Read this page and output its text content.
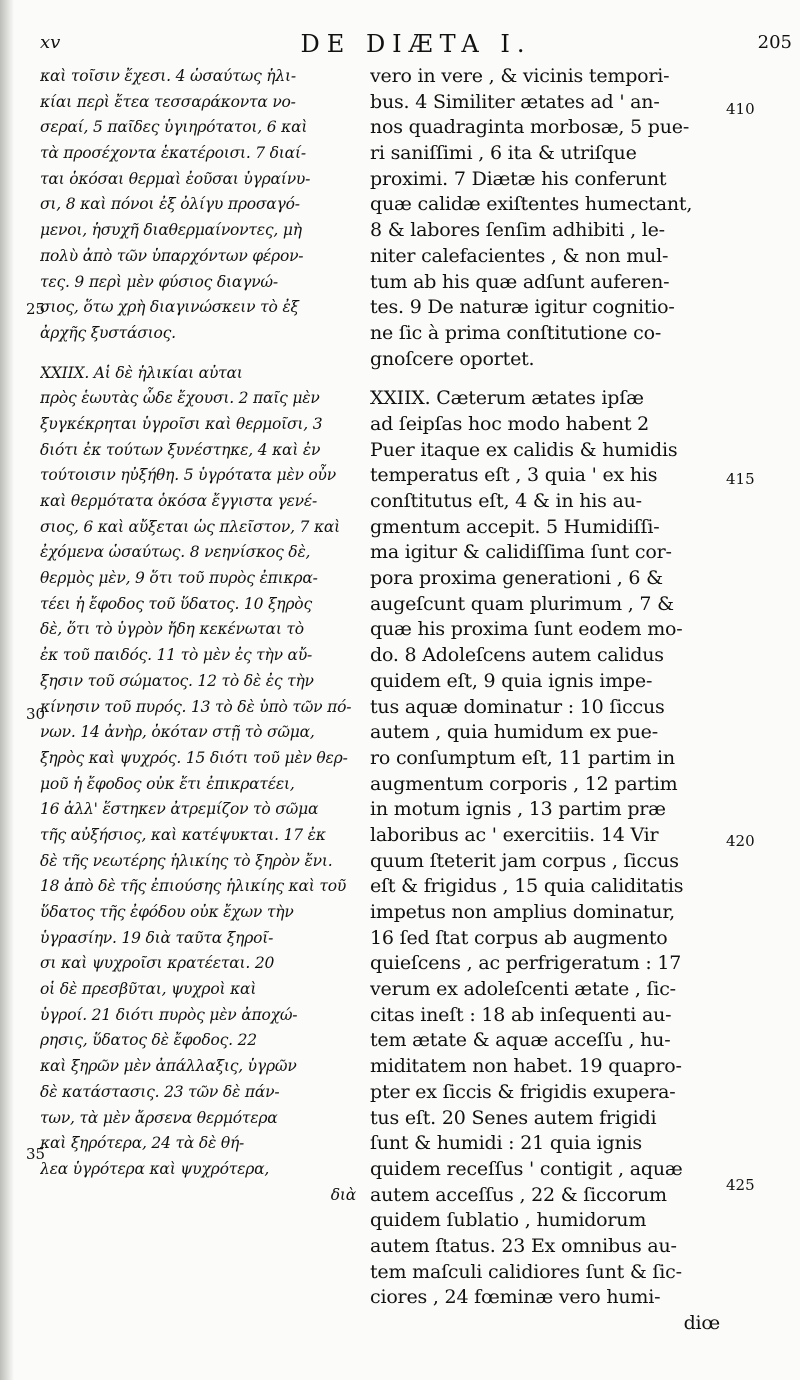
xv	DE DIÆTA I.	205
καὶ τοῖσιν ἔχεσι. 4 ὡσαύτως ἡλι-
κίαι περὶ ἔτεα τεσσαράκοντα νο-
σεραί, 5 παῖδες ὑγιηρότατοι, 6 καὶ
τὰ προσέχοντα ἑκατέροισι. 7 διαί-
ται ὁκόσαι θερμαὶ ἐοῦσαι ὑγραίνυ-
σι, 8 καὶ πόνοι ἐξ ὀλίγυ προσαγό-
μενοι, ἡσυχῆ διαθερμαίνοντες, μὴ
πολὺ ἀπὸ τῶν ὑπαρχόντων φέρον-
τες. 9 περὶ μὲν φύσιος διαγνώ-
σιος, ὅτω χρὴ διαγινώσκειν τὸ ἐξ
ἀρχῆς ξυστάσιος.
XXIIX. Αἱ δὲ ἡλικίαι αὐται
πρὸς ἑωυτὰς ὧδε ἔχουσι. 2 παῖς μὲν
ξυγκέκρηται ὑγροῖσι καὶ θερμοῖσι, 3
διότι ἐκ τούτων ξυνέστηκε, 4 καὶ ἐν
τούτοισιν ηὐξήθη. 5 ὑγρότατα μὲν οὖν
καὶ θερμότατα ὁκόσα ἔγγιστα γενέ-
σιος, 6 καὶ αὔξεται ὡς πλεῖστον, 7 καὶ
ἐχόμενα ὡσαύτως. 8 νεηνίσκος δὲ,
θερμὸς μὲν, 9 ὅτι τοῦ πυρὸς ἐπικρα-
τέει ἡ ἔφοδος τοῦ ὕδατος. 10 ξηρὸς
δὲ, ὅτι τὸ ὑγρὸν ἤδη κεκένωται τὸ
ἐκ τοῦ παιδός. 11 τὸ μὲν ἐς τὴν αὔ-
ξησιν τοῦ σώματος. 12 τὸ δὲ ἐς τὴν
κίνησιν τοῦ πυρός. 13 τὸ δὲ ὑπὸ τῶν πό-
νων. 14 ἀνὴρ, ὁκόταν στῇ τὸ σῶμα,
ξηρὸς καὶ ψυχρός. 15 διότι τοῦ μὲν θερ-
μοῦ ἡ ἔφοδος οὐκ ἔτι ἐπικρατέει,
16 ἀλλ' ἕστηκεν ἀτρεμίζον τὸ σῶμα
τῆς αὐξήσιος, καὶ κατέψυκται. 17 ἐκ
δὲ τῆς νεωτέρης ἡλικίης τὸ ξηρὸν ἔνι.
18 ἀπὸ δὲ τῆς ἐπιούσης ἡλικίης καὶ τοῦ
ὕδατος τῆς ἐφόδου οὐκ ἔχων τὴν
ὑγρασίην. 19 διὰ ταῦτα ξηροῖ-
σι καὶ ψυχροῖσι κρατέεται. 20
οἱ δὲ πρεσβῦται, ψυχροὶ καὶ
ὑγροί. 21 διότι πυρὸς μὲν ἀποχώ-
ρησις, ὕδατος δὲ ἔφοδος. 22
καὶ ξηρῶν μὲν ἀπάλλαξις, ὑγρῶν
δὲ κατάστασις. 23 τῶν δὲ πάν-
των, τὰ μὲν ἄρσενα θερμότερα
καὶ ξηρότερα, 24 τὰ δὲ θή-
λεα ὑγρότερα καὶ ψυχρότερα,
διὰ
vero in vere , & vicinis tempori-
bus. 4 Similiter ætates ad ' an-
nos quadraginta morbosæ, 5 pue-
ri saniſſimi , 6 ita & utriſque
proximi. 7 Diætæ his conferunt
quæ calidæ exiſtentes humectant,
8 & labores ſenſim adhibiti , le-
niter calefacientes , & non mul-
tum ab his quæ adſunt auferen-
tes. 9 De naturæ igitur cognitio-
ne ſic à prima conſtitutione co-
gnoſcere oportet.
XXIIX. Cæterum ætates ipſæ
ad ſeipſas hoc modo habent 2
Puer itaque ex calidis & humidis
temperatus eſt , 3 quia ' ex his
conſtitutus eſt, 4 & in his au-
gmentum accepit. 5 Humidiſſi-
ma igitur & calidiſſima ſunt cor-
pora proxima generationi , 6 &
augeſcunt quam plurimum , 7 &
quæ his proxima ſunt eodem mo-
do. 8 Adoleſcens autem calidus
quidem eſt, 9 quia ignis impe-
tus aquæ dominatur : 10 ſiccus
autem , quia humidum ex pue-
ro conſumptum eſt, 11 partim in
augmentum corporis , 12 partim
in motum ignis , 13 partim præ
laboribus ac ' exercitiis. 14 Vir
quum ſteterit jam corpus , ſiccus
eſt & frigidus , 15 quia caliditatis
impetus non amplius dominatur,
16 ſed ſtat corpus ab augmento
quieſcens , ac perfrigeratum : 17
verum ex adoleſcenti ætate , ſic-
citas ineſt : 18 ab inſequenti au-
tem ætate & aquæ acceſſu , hu-
miditatem non habet. 19 quapro-
pter ex ſiccis & frigidis exupera-
tus eſt. 20 Senes autem frigidi
ſunt & humidi : 21 quia ignis
quidem receſſus ' contigit , aquæ
autem acceſſus , 22 & ſiccorum
quidem ſublatio , humidorum
autem ſtatus. 23 Ex omnibus au-
tem maſculi calidiores ſunt & ſic-
ciores , 24 fœminæ vero humi-
diœ
25
30
35
410
415
420
425
